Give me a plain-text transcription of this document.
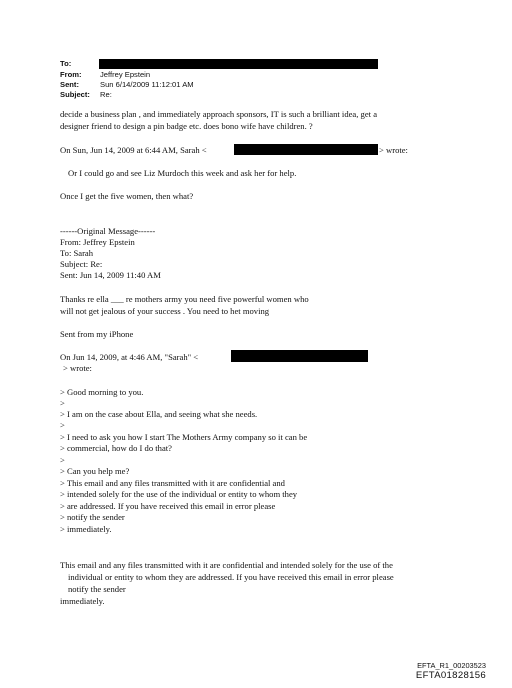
To:
From: Jeffrey Epstein
Sent:	Sun 6/14/2009 11:12:01 AM
Subject: Re:
decide a business plan , and immediately approach sponsors, IT is such a brilliant idea, get a
designer friend to design a pin badge etc. does bono wife have children. ?
On Sun, Jun 14, 2009 at 6:44 AM, Sarah <	> wrote:
Or I could go and see Liz Murdoch this week and ask her for help.
Once I get the five women, then what?
------Original Message------
From: Jeffrey Epstein
To: Sarah
Subject: Re:
Sent: Jun 14, 2009 11:40 AM
Thanks re ella ___ re mothers army you need five powerful women who
will not get jealous of your success . You need to het moving
Sent from my iPhone
On Jun 14, 2009, at 4:46 AM, "Sarah" <
> wrote:
> Good morning to you.
>
> I am on the case about Ella, and seeing what she needs.
>
> I need to ask you how I start The Mothers Army company so it can be
> commercial, how do I do that?
>
> Can you help me?
> This email and any files transmitted with it are confidential and
> intended solely for the use of the individual or entity to whom they
> are addressed. If you have received this email in error please
> notify the sender
> immediately.
This email and any files transmitted with it are confidential and intended solely for the use of the
individual or entity to whom they are addressed. If you have received this email in error please
notify the sender
immediately.
EFTA_R1_00203523
EFTA01828156
